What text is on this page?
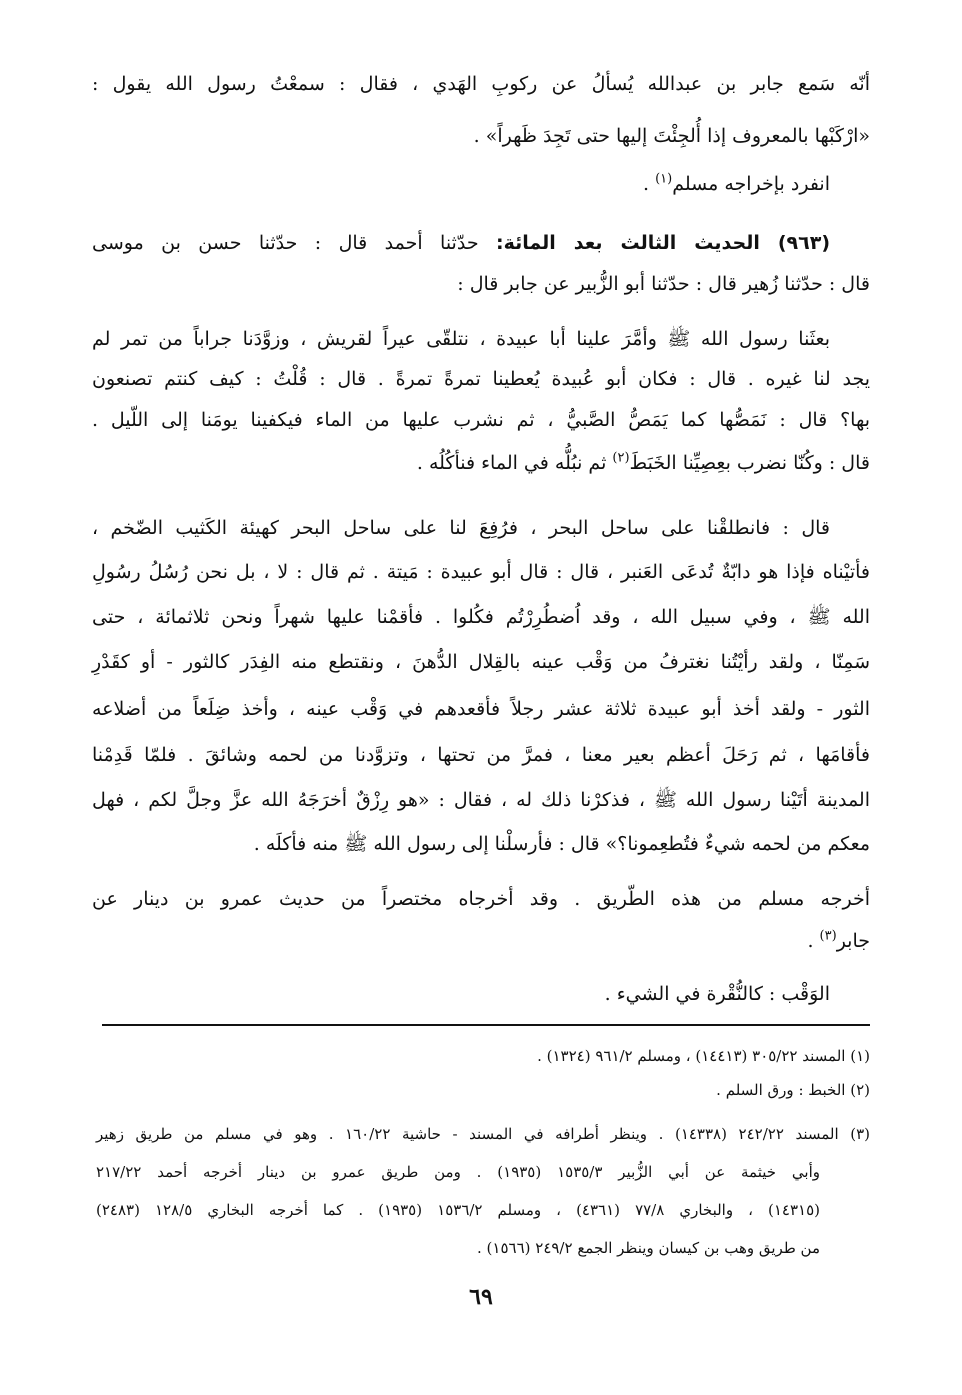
أنّه سَمع جابر بن عبدالله يُسألُ عن ركوبِ الهَدي ، فقال : سمعْتُ رسول الله يقول :
«ارْكَبْها بالمعروف إذا أُلجِئْتَ إليها حتى تَجِدَ ظَهراً» .
انفرد بإخراجه مسلم$^{(١)}$ .
(٩٦٣) الحديث الثالث بعد المائة: حدّثنا أحمد قال : حدّثنا حسن بن موسى
قال : حدّثنا زُهير قال : حدّثنا أبو الزُّبير عن جابر قال :
بعثَنا رسول الله ﷺ وأمَّرَ علينا أبا عبيدة ، نتلقّى عيراً لقريش ، وزوَّدَنا جراباً من تمر لم
يجد لنا غيره . قال : فكان أبو عُبيدة يُعطينا تمرةً تمرةً . قال : قُلْتُ : كيف كنتم تصنعون
بها؟ قال : نَمَصُّها كما يَمَصُّ الصَّبيُّ ، ثم نشرب عليها من الماء فيكفينا يومَنا إلى اللّيل .
قال : وكُنّا نضرب بعِصِيِّنا الخَبَطَ$^{(٢)}$ ثم نبُلُّه في الماء فنأكُلُه .
قال : فانطلقْنا على ساحل البحر ، فرُفِعَ لنا على ساحل البحر كهيئة الكَثيب الضّخم ،
فأتيْناه فإذا هو دابّةٌ تُدعَى العَنبر ، قال : قال أبو عبيدة : مَيتة . ثم قال : لا ، بل نحن رُسُلُ رسُولِ
الله ﷺ ، وفي سبيل الله ، وقد اُضطُرِرْتُم فكُلوا . فأقمْنا عليها شهراً ونحن ثلاثمائة ، حتى
سَمِنّا ، ولقد رأيْتُنا نغترفُ من وَقْب عينه بالقِلال الدُّهنَ ، ونقتطع منه الفِدَر كالثور - أو كقَدْرِ
الثور - ولقد أخذ أبو عبيدة ثلاثة عشر رجلاً فأقعدهم في وَقْب عينه ، وأخذ ضِلَعاً من أضلاعه
فأقامَها ، ثم رَحَلَ أعظم بعير معنا ، فمرَّ من تحتها ، وتزوَّدنا من لحمه وشائقَ . فلمّا قَدِمْنا
المدينة أتَيْنا رسول الله ﷺ ، فذكرْنا ذلك له ، فقال : «هو رِزْقٌ أخرَجَهُ الله عزَّ وجلَّ لكم ، فهل
معكم من لحمه شيءٌ فتُطعِمونا؟» قال : فأرسلْنا إلى رسول الله ﷺ منه فأكلَه .
أخرجه مسلم من هذه الطّريق . وقد أخرجاه مختصراً من حديث عمرو بن دينار عن
جابر$^{(٣)}$ .
الوَقْب : كالنُّقْرة في الشيء .
(١) المسند ٣٠٥/٢٢ (١٤٤١٣) ، ومسلم ٩٦١/٢ (١٣٢٤) .
(٢) الخبط : ورق السلم .
(٣) المسند ٢٤٢/٢٢ (١٤٣٣٨) . وينظر أطرافه في المسند - حاشية ١٦٠/٢٢ . وهو في مسلم من طريق زهير
وأبي خيثمة عن أبي الزُّبير ١٥٣٥/٣ (١٩٣٥) . ومن طريق عمرو بن دينار أخرجه أحمد ٢١٧/٢٢
(١٤٣١٥) ، والبخاري ٧٧/٨ (٤٣٦١) ، ومسلم ١٥٣٦/٢ (١٩٣٥) . كما أخرجه البخاري ١٢٨/٥ (٢٤٨٣)
من طريق وهب بن كيسان وينظر الجمع ٢٤٩/٢ (١٥٦٦) .
٦٩
